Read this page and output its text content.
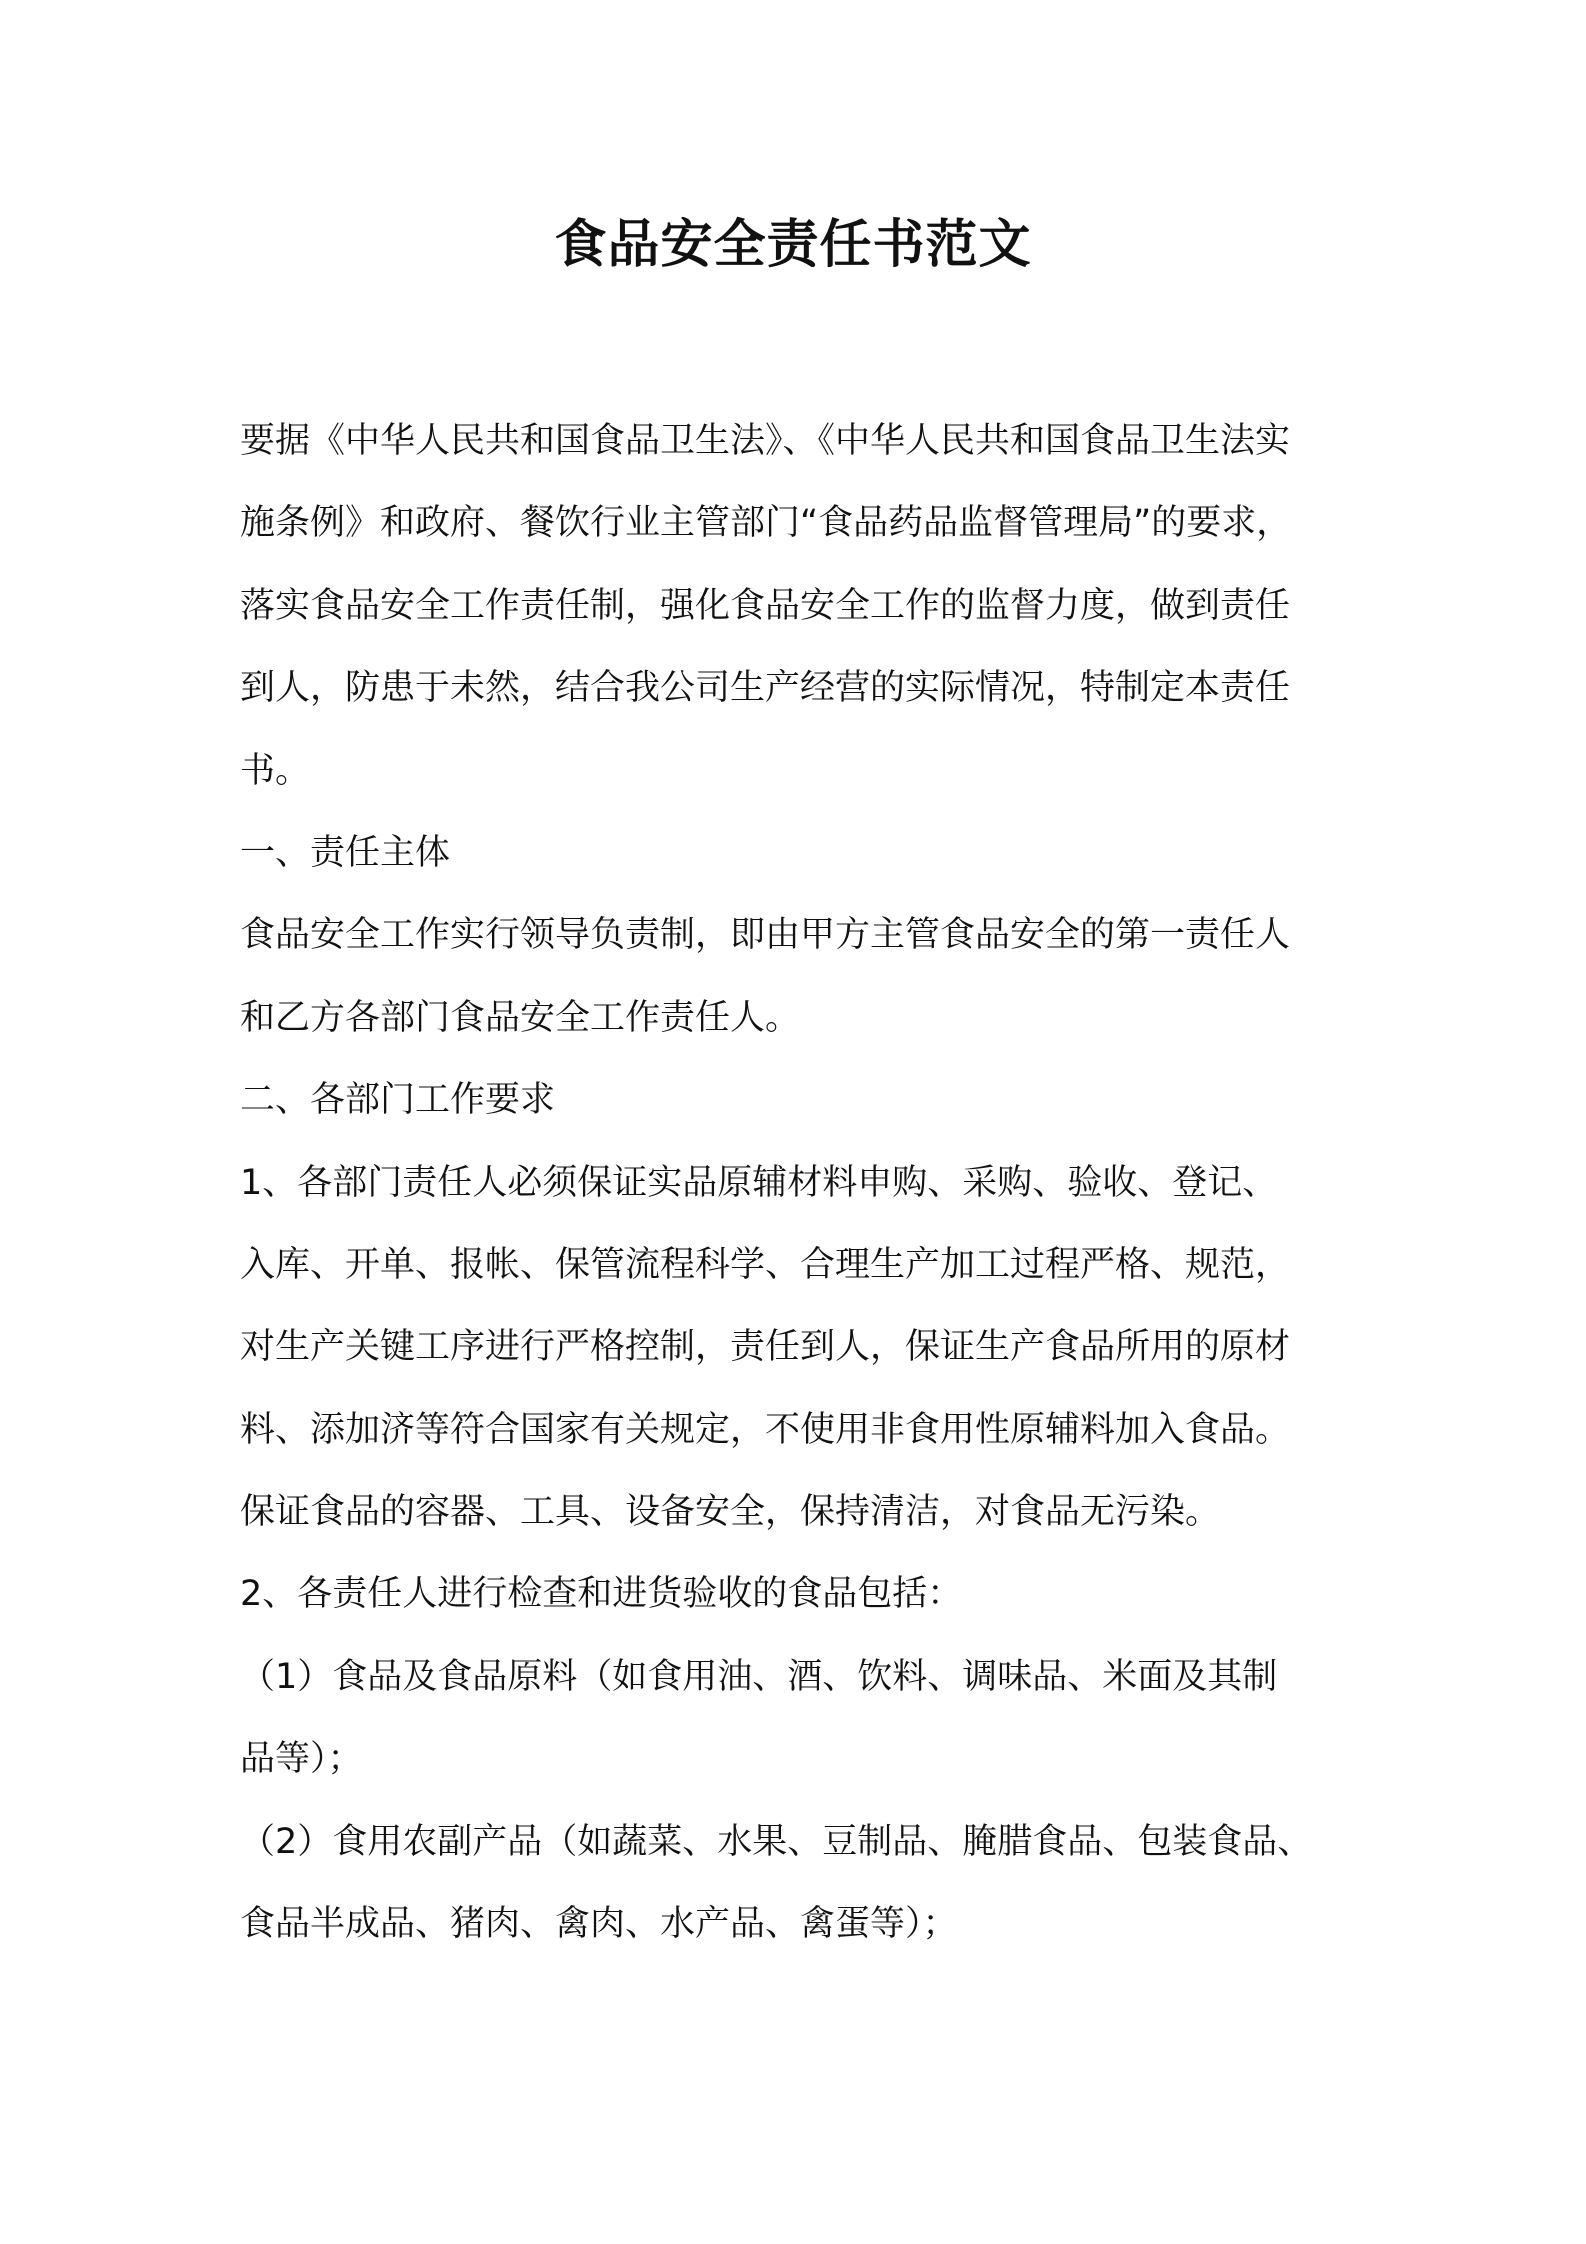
食品安全责任书范文
要据《中华人民共和国食品卫生法》、《中华人民共和国食品卫生法实
施条例》和政府、餐饮行业主管部门“食品药品监督管理局”的要求，
落实食品安全工作责任制，强化食品安全工作的监督力度，做到责任
到人，防患于未然，结合我公司生产经营的实际情况，特制定本责任
书。
一、责任主体
食品安全工作实行领导负责制，即由甲方主管食品安全的第一责任人
和乙方各部门食品安全工作责任人。
二、各部门工作要求
1、各部门责任人必须保证实品原辅材料申购、采购、验收、登记、
入库、开单、报帐、保管流程科学、合理生产加工过程严格、规范，
对生产关键工序进行严格控制，责任到人，保证生产食品所用的原材
料、添加济等符合国家有关规定，不使用非食用性原辅料加入食品。
保证食品的容器、工具、设备安全，保持清洁，对食品无污染。
2、各责任人进行检查和进货验收的食品包括：
（1）食品及食品原料（如食用油、酒、饮料、调味品、米面及其制
品等）；
（2）食用农副产品（如蔬菜、水果、豆制品、腌腊食品、包装食品、
食品半成品、猪肉、禽肉、水产品、禽蛋等）；
